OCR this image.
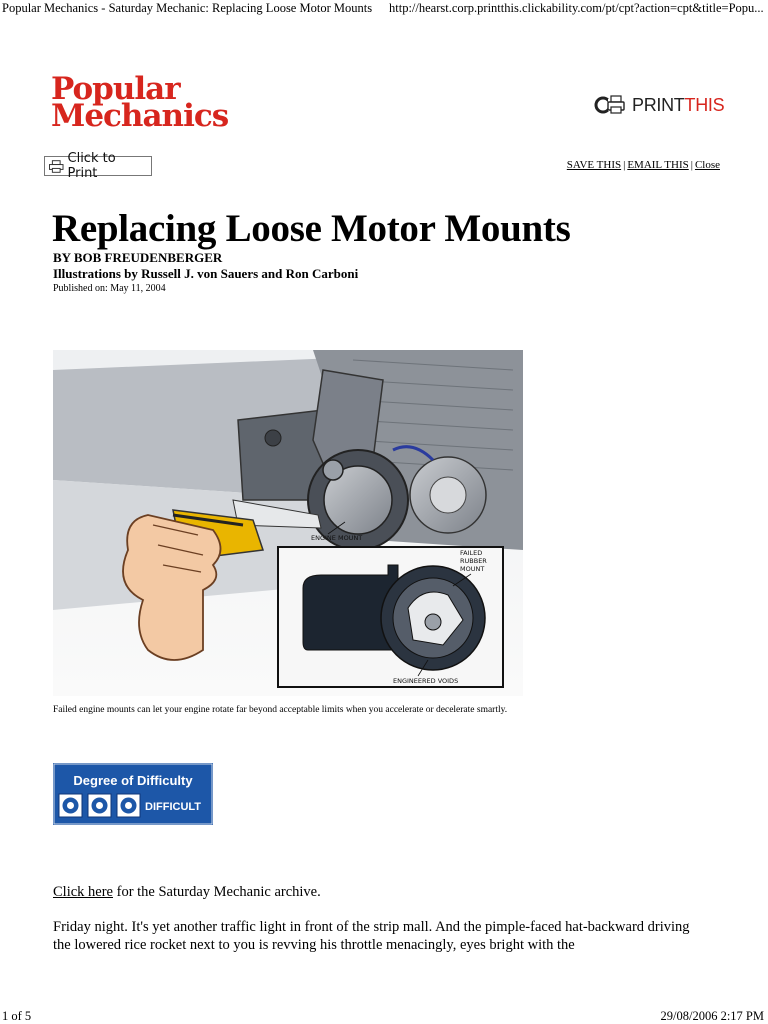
Popular Mechanics - Saturday Mechanic: Replacing Loose Motor Mounts http://hearst.corp.printthis.clickability.com/pt/cpt?action=cpt&title=Popu...
Popular
Mechanics	PRINTTHIS
Click to Print
SAVE THIS | EMAIL THIS | Close
Replacing Loose Motor Mounts
BY BOB FREUDENBERGER
Illustrations by Russell J. von Sauers and Ron Carboni
Published on: May 11, 2004
ENGINE MOUNT
FAILED
RUBBER
MOUNT
ENGINEERED VOIDS
Failed engine mounts can let your engine rotate far beyond acceptable limits when you accelerate or decelerate smartly.
Degree of Difficulty
DIFFICULT
Click here for the Saturday Mechanic archive.
Friday night. It's yet another traffic light in front of the strip mall. And the pimple-faced hat-backward driving the lowered rice rocket next to you is revving his throttle menacingly, eyes bright with the
1 of 5	29/08/2006 2:17 PM
